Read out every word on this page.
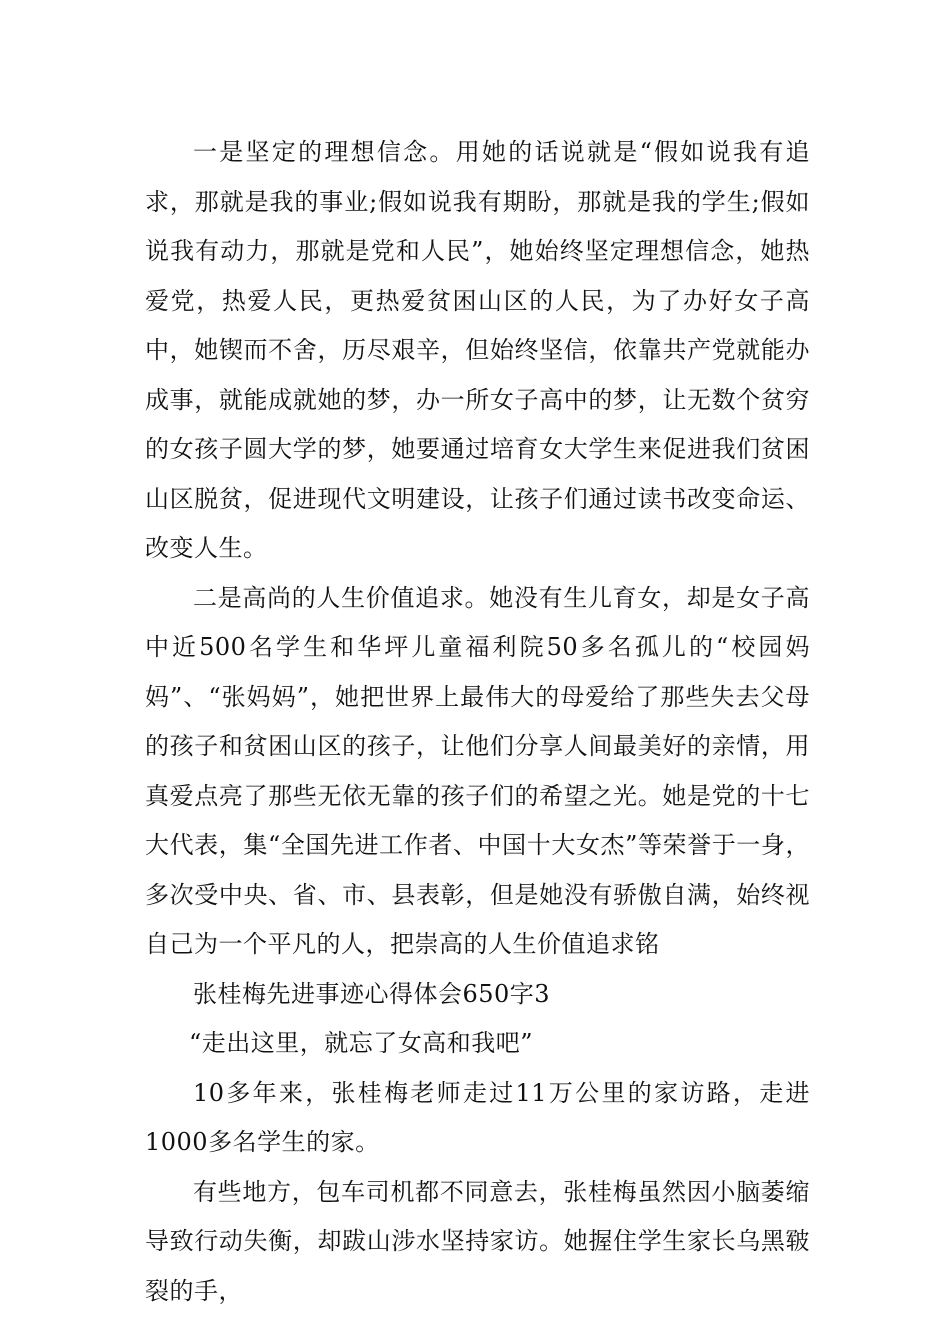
一是坚定的理想信念。用她的话说就是“假如说我有追求，那就是我的事业;假如说我有期盼，那就是我的学生;假如说我有动力，那就是党和人民”，她始终坚定理想信念，她热爱党，热爱人民，更热爱贫困山区的人民，为了办好女子高中，她锲而不舍，历尽艰辛，但始终坚信，依靠共产党就能办成事，就能成就她的梦，办一所女子高中的梦，让无数个贫穷的女孩子圆大学的梦，她要通过培育女大学生来促进我们贫困山区脱贫，促进现代文明建设，让孩子们通过读书改变命运、改变人生。

二是高尚的人生价值追求。她没有生儿育女，却是女子高中近500名学生和华坪儿童福利院50多名孤儿的“校园妈妈”、“张妈妈”，她把世界上最伟大的母爱给了那些失去父母的孩子和贫困山区的孩子，让他们分享人间最美好的亲情，用真爱点亮了那些无依无靠的孩子们的希望之光。她是党的十七大代表，集“全国先进工作者、中国十大女杰”等荣誉于一身，多次受中央、省、市、县表彰，但是她没有骄傲自满，始终视自己为一个平凡的人，把崇高的人生价值追求铭

张桂梅先进事迹心得体会650字3

“走出这里，就忘了女高和我吧”

10多年来，张桂梅老师走过11万公里的家访路，走进1000多名学生的家。

有些地方，包车司机都不同意去，张桂梅虽然因小脑萎缩导致行动失衡，却跋山涉水坚持家访。她握住学生家长乌黑皲裂的手，
